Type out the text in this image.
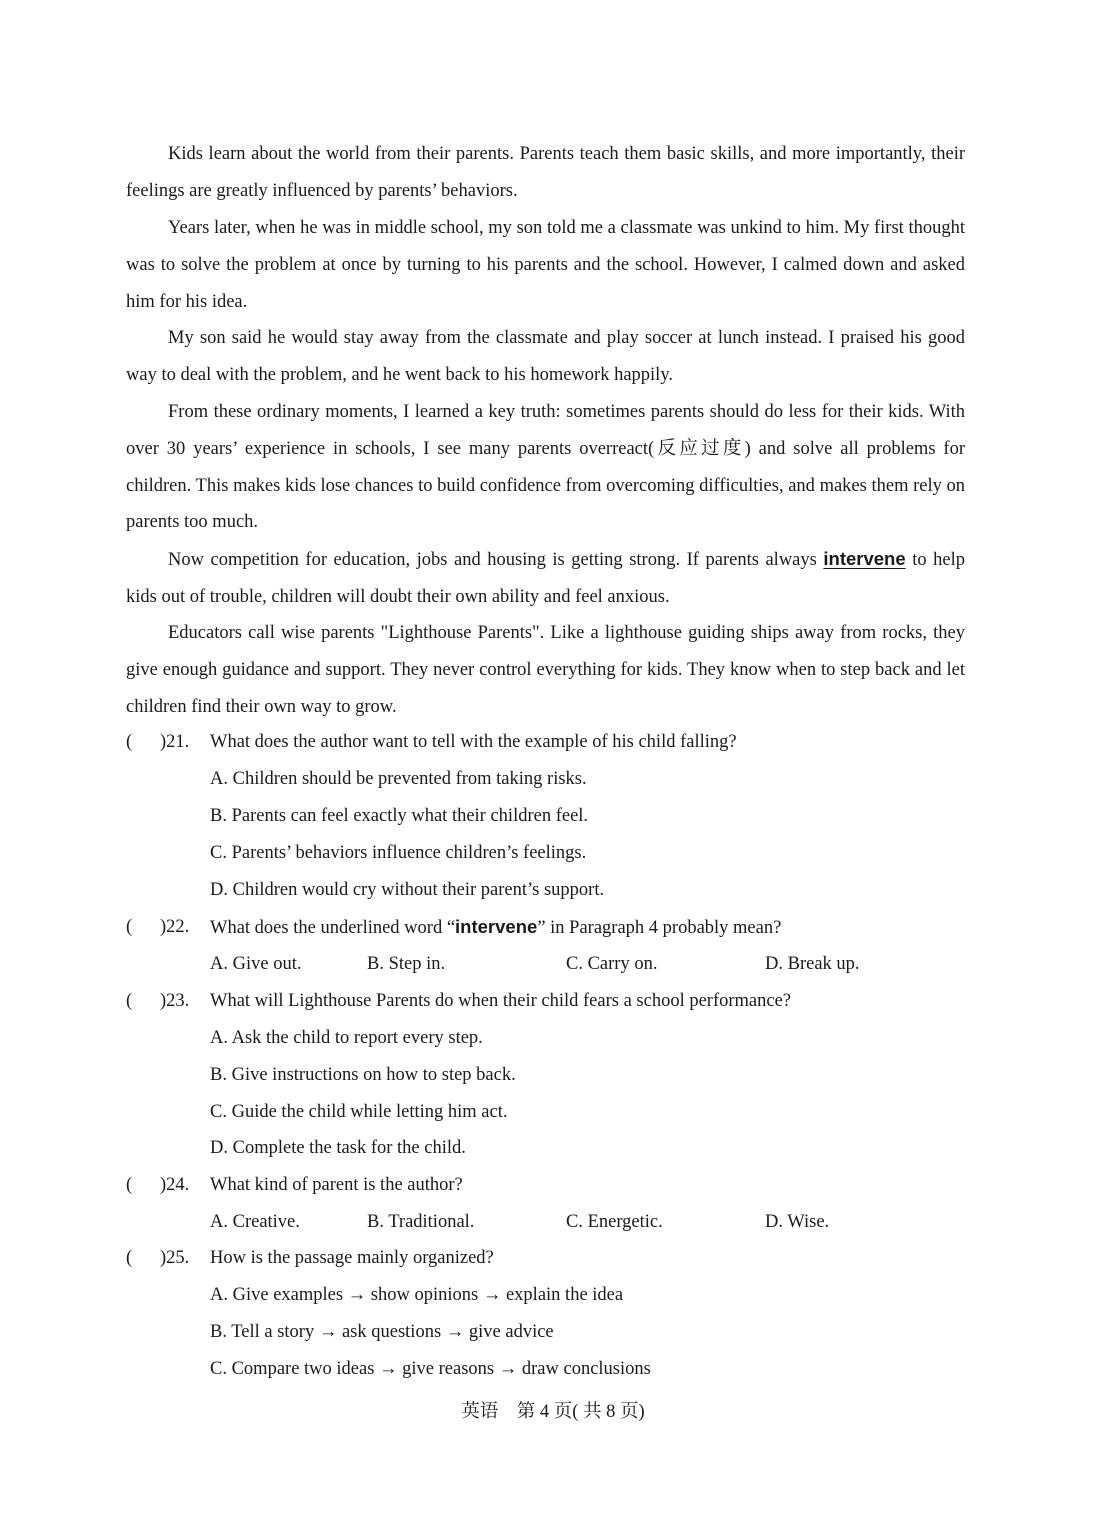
Kids learn about the world from their parents. Parents teach them basic skills, and more importantly, their feelings are greatly influenced by parents’ behaviors.

Years later, when he was in middle school, my son told me a classmate was unkind to him. My first thought was to solve the problem at once by turning to his parents and the school. However, I calmed down and asked him for his idea.

My son said he would stay away from the classmate and play soccer at lunch instead. I praised his good way to deal with the problem, and he went back to his homework happily.

From these ordinary moments, I learned a key truth: sometimes parents should do less for their kids. With over 30 years’ experience in schools, I see many parents overreact(反应过度) and solve all problems for children. This makes kids lose chances to build confidence from overcoming difficulties, and makes them rely on parents too much.

Now competition for education, jobs and housing is getting strong. If parents always intervene to help kids out of trouble, children will doubt their own ability and feel anxious.

Educators call wise parents "Lighthouse Parents". Like a lighthouse guiding ships away from rocks, they give enough guidance and support. They never control everything for kids. They know when to step back and let children find their own way to grow.

( )21. What does the author want to tell with the example of his child falling?
A. Children should be prevented from taking risks.
B. Parents can feel exactly what their children feel.
C. Parents’ behaviors influence children’s feelings.
D. Children would cry without their parent’s support.
( )22. What does the underlined word “intervene” in Paragraph 4 probably mean?
A. Give out.	B. Step in.	C. Carry on.	D. Break up.
( )23. What will Lighthouse Parents do when their child fears a school performance?
A. Ask the child to report every step.
B. Give instructions on how to step back.
C. Guide the child while letting him act.
D. Complete the task for the child.
( )24. What kind of parent is the author?
A. Creative.	B. Traditional.	C. Energetic.	D. Wise.
( )25. How is the passage mainly organized?
A. Give examples → show opinions → explain the idea
B. Tell a story → ask questions → give advice
C. Compare two ideas → give reasons → draw conclusions
英语　第 4 页( 共 8 页)
